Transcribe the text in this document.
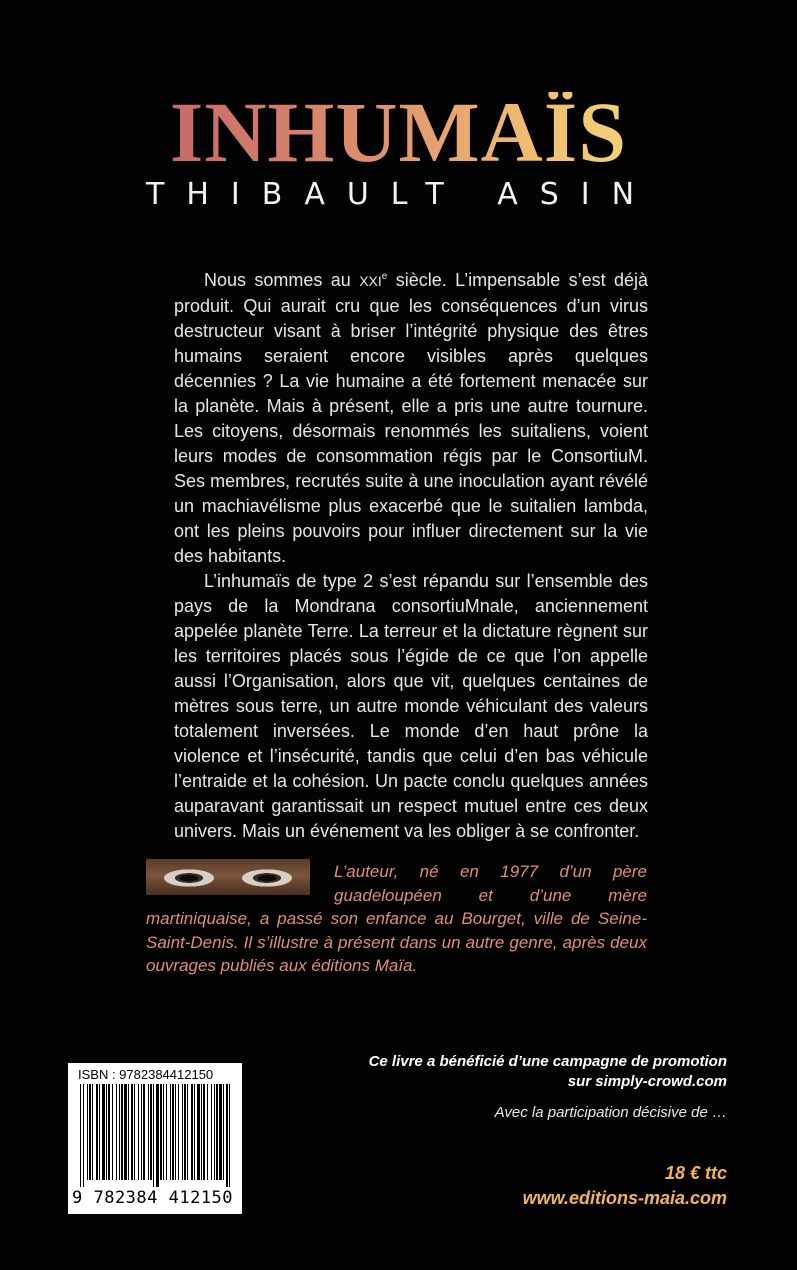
INHUMAÏS
THIBAULT ASIN

Nous sommes au XXIe siècle. L’impensable s’est déjà produit. Qui aurait cru que les conséquences d’un virus destructeur visant à briser l’intégrité physique des êtres humains seraient encore visibles après quelques décennies ? La vie humaine a été fortement menacée sur la planète. Mais à présent, elle a pris une autre tournure. Les citoyens, désormais renommés les suitaliens, voient leurs modes de consommation régis par le ConsortiuM. Ses membres, recrutés suite à une inoculation ayant révélé un machiavélisme plus exacerbé que le suitalien lambda, ont les pleins pouvoirs pour influer directement sur la vie des habitants.

L’inhumaïs de type 2 s’est répandu sur l’ensemble des pays de la Mondrana consortiuMnale, anciennement appelée planète Terre. La terreur et la dictature règnent sur les territoires placés sous l’égide de ce que l’on appelle aussi l’Organisation, alors que vit, quelques centaines de mètres sous terre, un autre monde véhiculant des valeurs totalement inversées. Le monde d’en haut prône la violence et l’insécurité, tandis que celui d’en bas véhicule l’entraide et la cohésion. Un pacte conclu quelques années auparavant garantissait un respect mutuel entre ces deux univers. Mais un événement va les obliger à se confronter.

L’auteur, né en 1977 d’un père guadeloupéen et d’une mère martiniquaise, a passé son enfance au Bourget, ville de Seine-Saint-Denis. Il s’illustre à présent dans un autre genre, après deux ouvrages publiés aux éditions Maïa.

Ce livre a bénéficié d’une campagne de promotion
sur simply-crowd.com
Avec la participation décisive de …
18 € ttc
www.editions-maia.com
ISBN : 9782384412150
9 782384 412150
